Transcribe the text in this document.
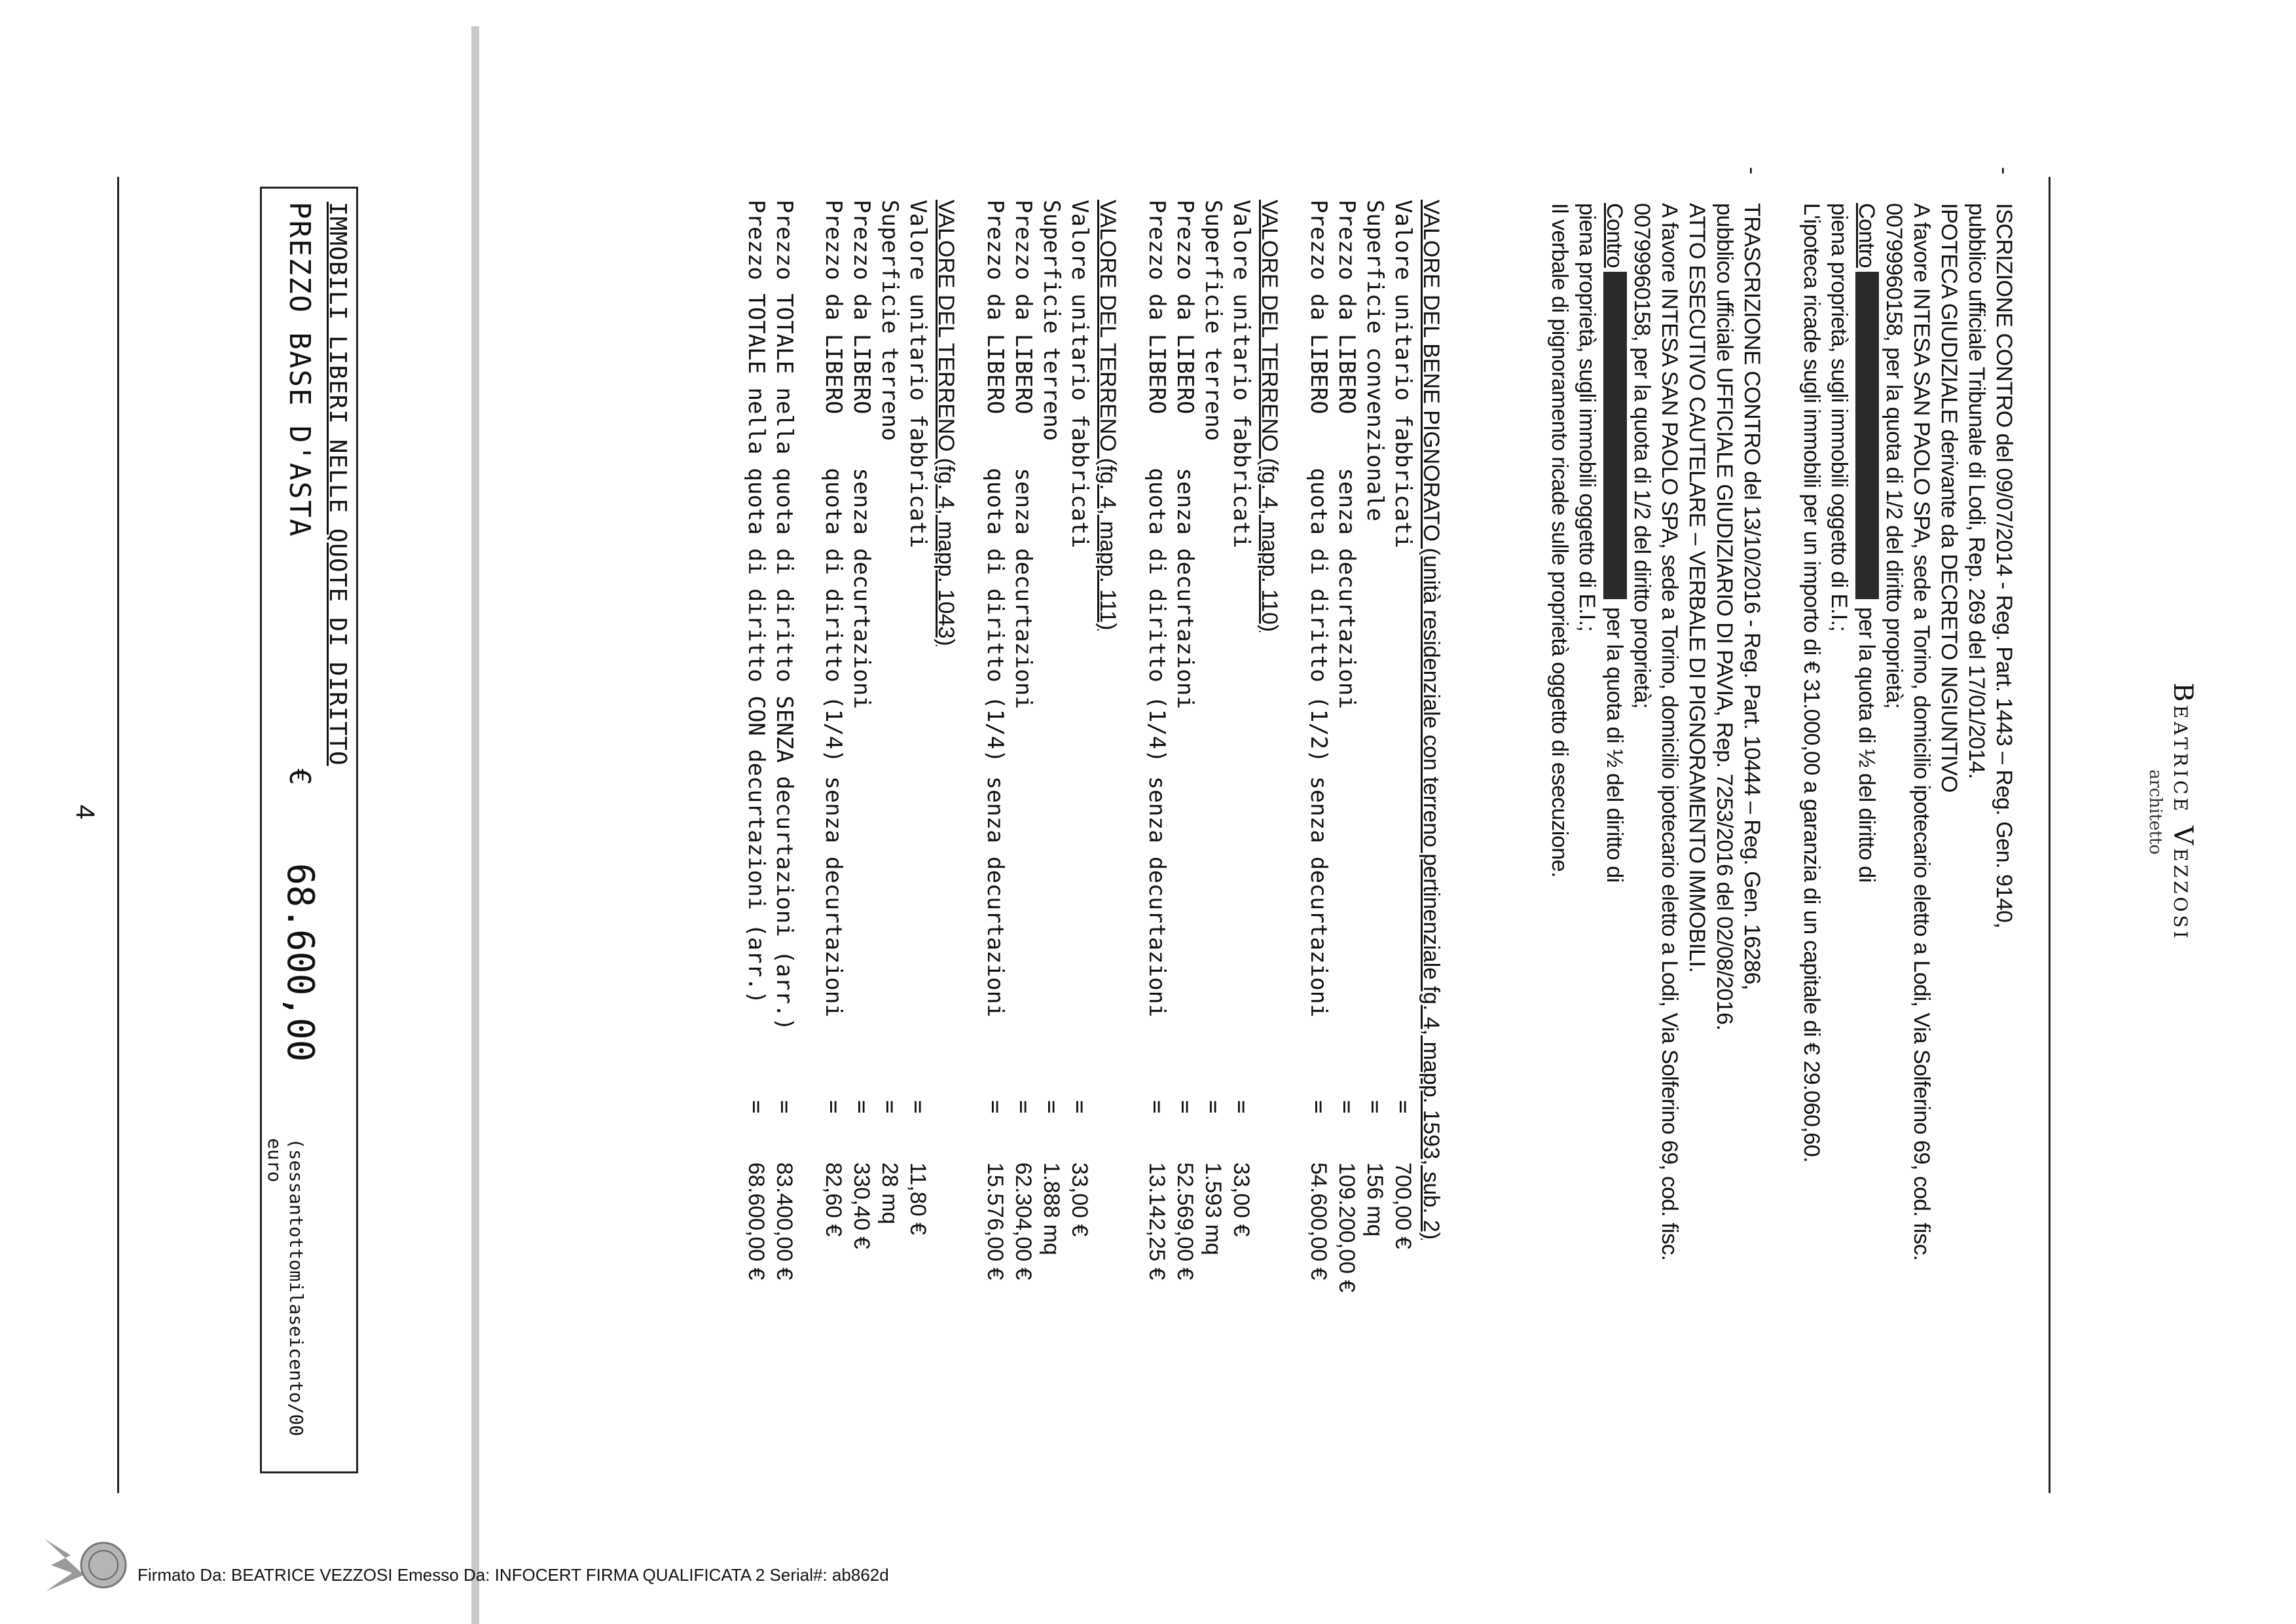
Beatrice Vezzosi
architetto
-

ISCRIZIONE CONTRO del 09/07/2014 - Reg. Part. 1443 – Reg. Gen. 9140,

pubblico ufficiale Tribunale di Lodi, Rep. 269 del 17/01/2014.

IPOTECA GIUDIZIALE derivante da DECRETO INGIUNTIVO

A favore INTESA SAN PAOLO SPA, sede a Torino, domicilio ipotecario eletto a Lodi, Via Solferino 69, cod. fisc.

00799960158, per la quota di 1/2 del diritto proprietà;

Controper la quota di ½ del diritto di

piena proprietà, sugli immobili oggetto di E.I.;

L'ipoteca ricade sugli immobili per un importo di € 31.000,00 a garanzia di un capitale di € 29.060,60.

-

TRASCRIZIONE CONTRO del 13/10/2016 - Reg. Part. 10444 – Reg. Gen. 16286,

pubblico ufficiale UFFICIALE GIUDIZIARIO DI PAVIA, Rep. 7253/2016 del 02/08/2016.

ATTO ESECUTIVO CAUTELARE – VERBALE DI PIGNORAMENTO IMMOBILI.

A favore INTESA SAN PAOLO SPA, sede a Torino, domicilio ipotecario eletto a Lodi, Via Solferino 69, cod. fisc.

00799960158, per la quota di 1/2 del diritto proprietà;

Controper la quota di ½ del diritto di

piena proprietà, sugli immobili oggetto di E.I.;

Il verbale di pignoramento ricade sulle proprietà oggetto di esecuzione.

VALORE DEL BENE PIGNORATO (unità residenziale con terreno pertinenziale fg. 4, mapp. 1593, sub. 2)
Valore unitario fabbricati
=
700,00 €
Superficie convenzionale
=
156 mq
Prezzo da LIBERO    senza decurtazioni
=
109.200,00 €
Prezzo da LIBERO    quota di diritto (1/2) senza decurtazioni
=
54.600,00 €
VALORE DEL TERRENO (fg. 4, mapp. 110)
Valore unitario fabbricati
=
33,00 €
Superficie terreno
=
1.593 mq
Prezzo da LIBERO    senza decurtazioni
=
52.569,00 €
Prezzo da LIBERO    quota di diritto (1/4) senza decurtazioni
=
13.142,25 €
VALORE DEL TERRENO (fg. 4, mapp. 111)
Valore unitario fabbricati
=
33,00 €
Superficie terreno
=
1.888 mq
Prezzo da LIBERO    senza decurtazioni
=
62.304,00 €
Prezzo da LIBERO    quota di diritto (1/4) senza decurtazioni
=
15.576,00 €
VALORE DEL TERRENO (fg. 4, mapp. 1043)
Valore unitario fabbricati
=
11,80 €
Superficie terreno
=
28 mq
Prezzo da LIBERO    senza decurtazioni
=
330,40 €
Prezzo da LIBERO    quota di diritto (1/4) senza decurtazioni
=
82,60 €
Prezzo TOTALE nella quota di diritto SENZA decurtazioni (arr.)
=
83.400,00 €
Prezzo TOTALE nella quota di diritto CON decurtazioni (arr.)
=
68.600,00 €
IMMOBILI LIBERI NELLE QUOTE DI DIRITTO
PREZZO BASE D'ASTA
€
68.600,00
(sessantottomilaseicento/00 euro
4
Firmato Da: BEATRICE VEZZOSI Emesso Da: INFOCERT FIRMA QUALIFICATA 2 Serial#: ab862d
